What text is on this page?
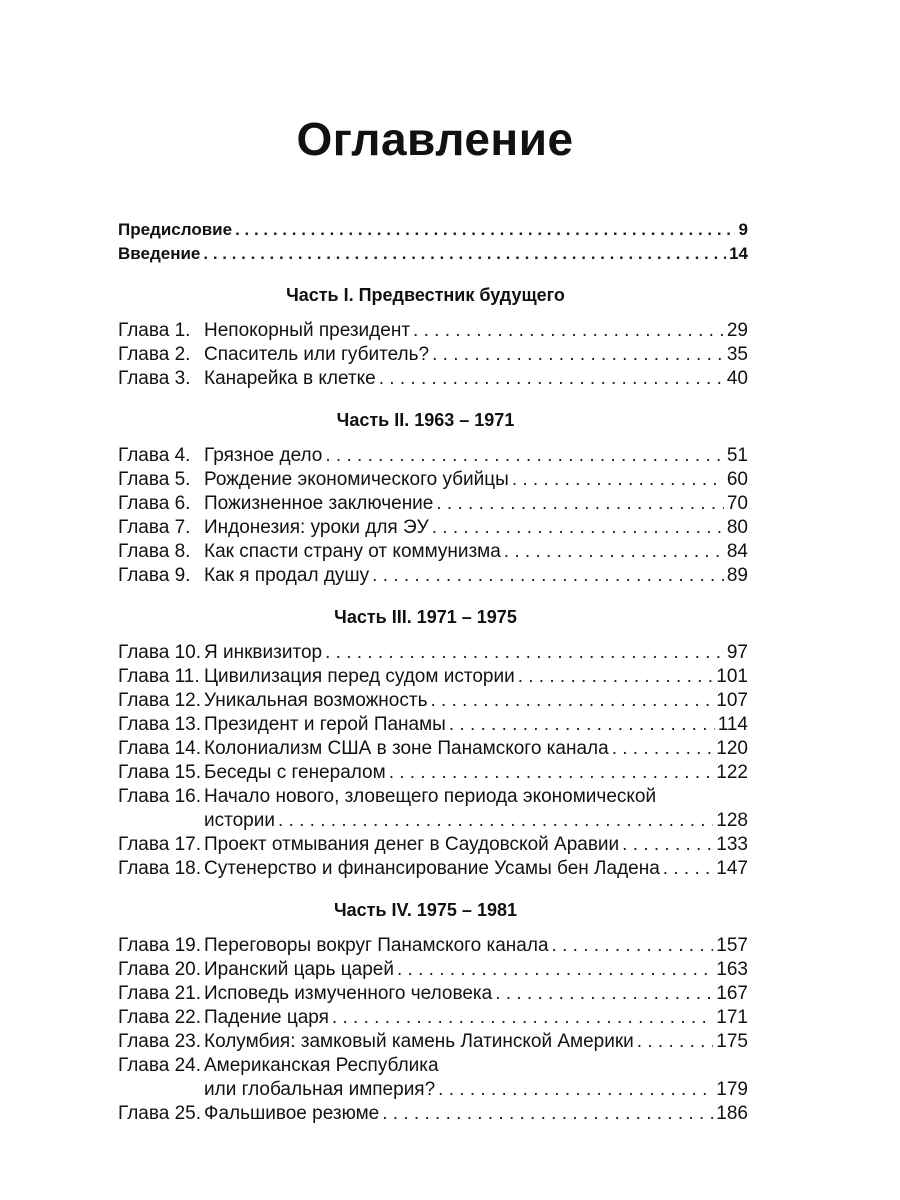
Оглавление
Предисловие . . .	9
Введение . . .	14
Часть I. Предвестник будущего
Глава 1. Непокорный президент . . .	29
Глава 2. Спаситель или губитель? . . .	35
Глава 3. Канарейка в клетке . . .	40
Часть II. 1963 – 1971
Глава 4. Грязное дело . . .	51
Глава 5. Рождение экономического убийцы . . .	60
Глава 6. Пожизненное заключение . . .	70
Глава 7. Индонезия: уроки для ЭУ . . .	80
Глава 8. Как спасти страну от коммунизма . . .	84
Глава 9. Как я продал душу . . .	89
Часть III. 1971 – 1975
Глава 10. Я инквизитор . . .	97
Глава 11. Цивилизация перед судом истории . . .	101
Глава 12. Уникальная возможность . . .	107
Глава 13. Президент и герой Панамы . . .	114
Глава 14. Колониализм США в зоне Панамского канала . . .	120
Глава 15. Беседы с генералом . . .	122
Глава 16. Начало нового, зловещего периода экономической
истории . . .	128
Глава 17. Проект отмывания денег в Саудовской Аравии . . .	133
Глава 18. Сутенерство и финансирование Усамы бен Ладена . . .	147
Часть IV. 1975 – 1981
Глава 19. Переговоры вокруг Панамского канала . . .	157
Глава 20. Иранский царь царей . . .	163
Глава 21. Исповедь измученного человека . . .	167
Глава 22. Падение царя . . .	171
Глава 23. Колумбия: замковый камень Латинской Америки . . .	175
Глава 24. Американская Республика
или глобальная империя? . . .	179
Глава 25. Фальшивое резюме . . .	186
